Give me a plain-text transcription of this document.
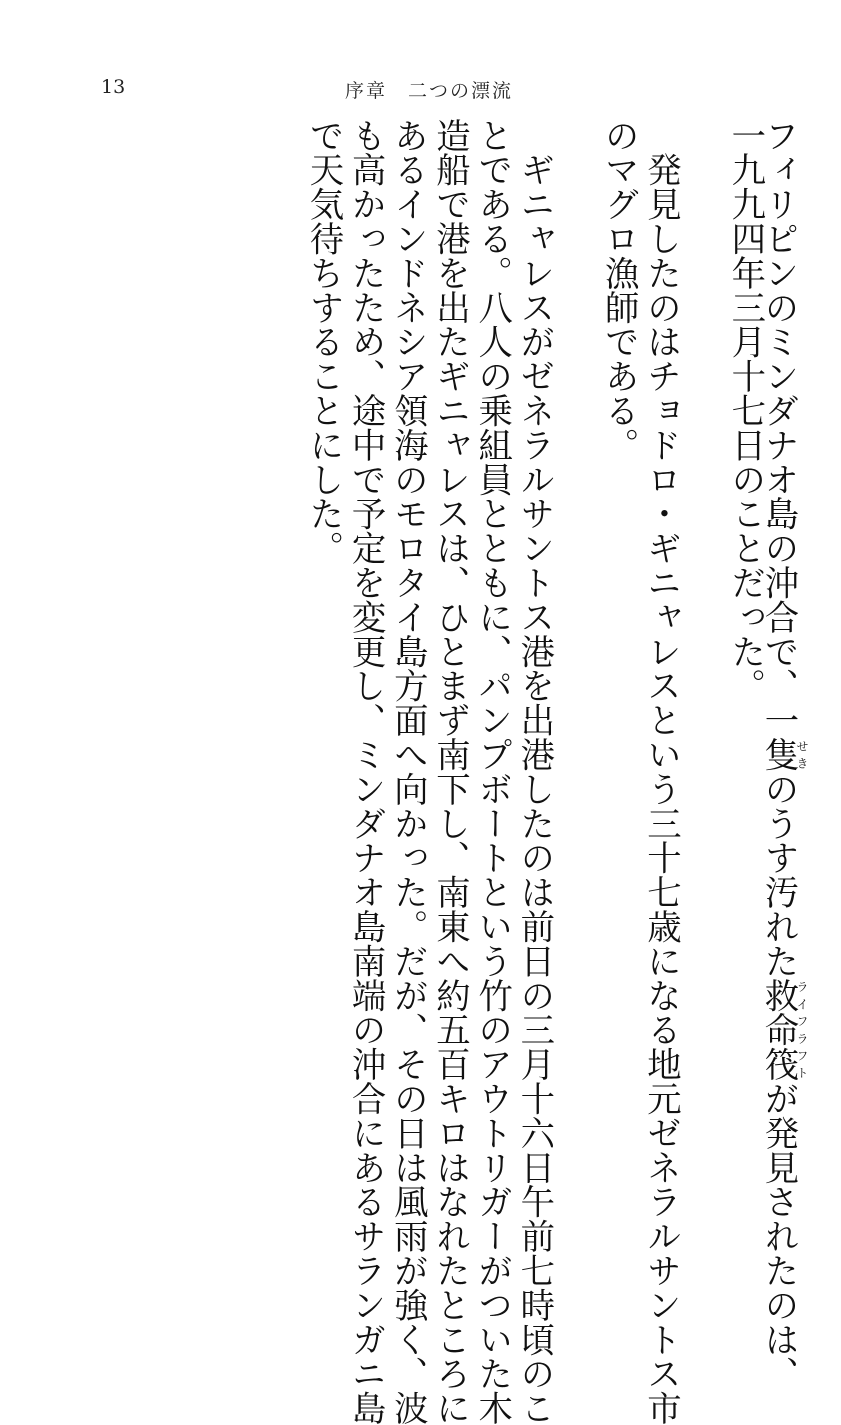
13	序章　二つの漂流
フィリピンのミンダナオ島の沖合で、一隻せきのうす汚れた救命筏ライフラフトが発見されたのは、
一九九四年三月十七日のことだった。
　発見したのはチョドロ・ギニャレスという三十七歳になる地元ゼネラルサントス市
のマグロ漁師である。
　ギニャレスがゼネラルサントス港を出港したのは前日の三月十六日午前七時頃のこ
とである。八人の乗組員とともに、パンプボートという竹のアウトリガーがついた木
造船で港を出たギニャレスは、ひとまず南下し、南東へ約五百キロはなれたところに
あるインドネシア領海のモロタイ島方面へ向かった。だが、その日は風雨が強く、波
も高かったため、途中で予定を変更し、ミンダナオ島南端の沖合にあるサランガニ島
で天気待ちすることにした。
